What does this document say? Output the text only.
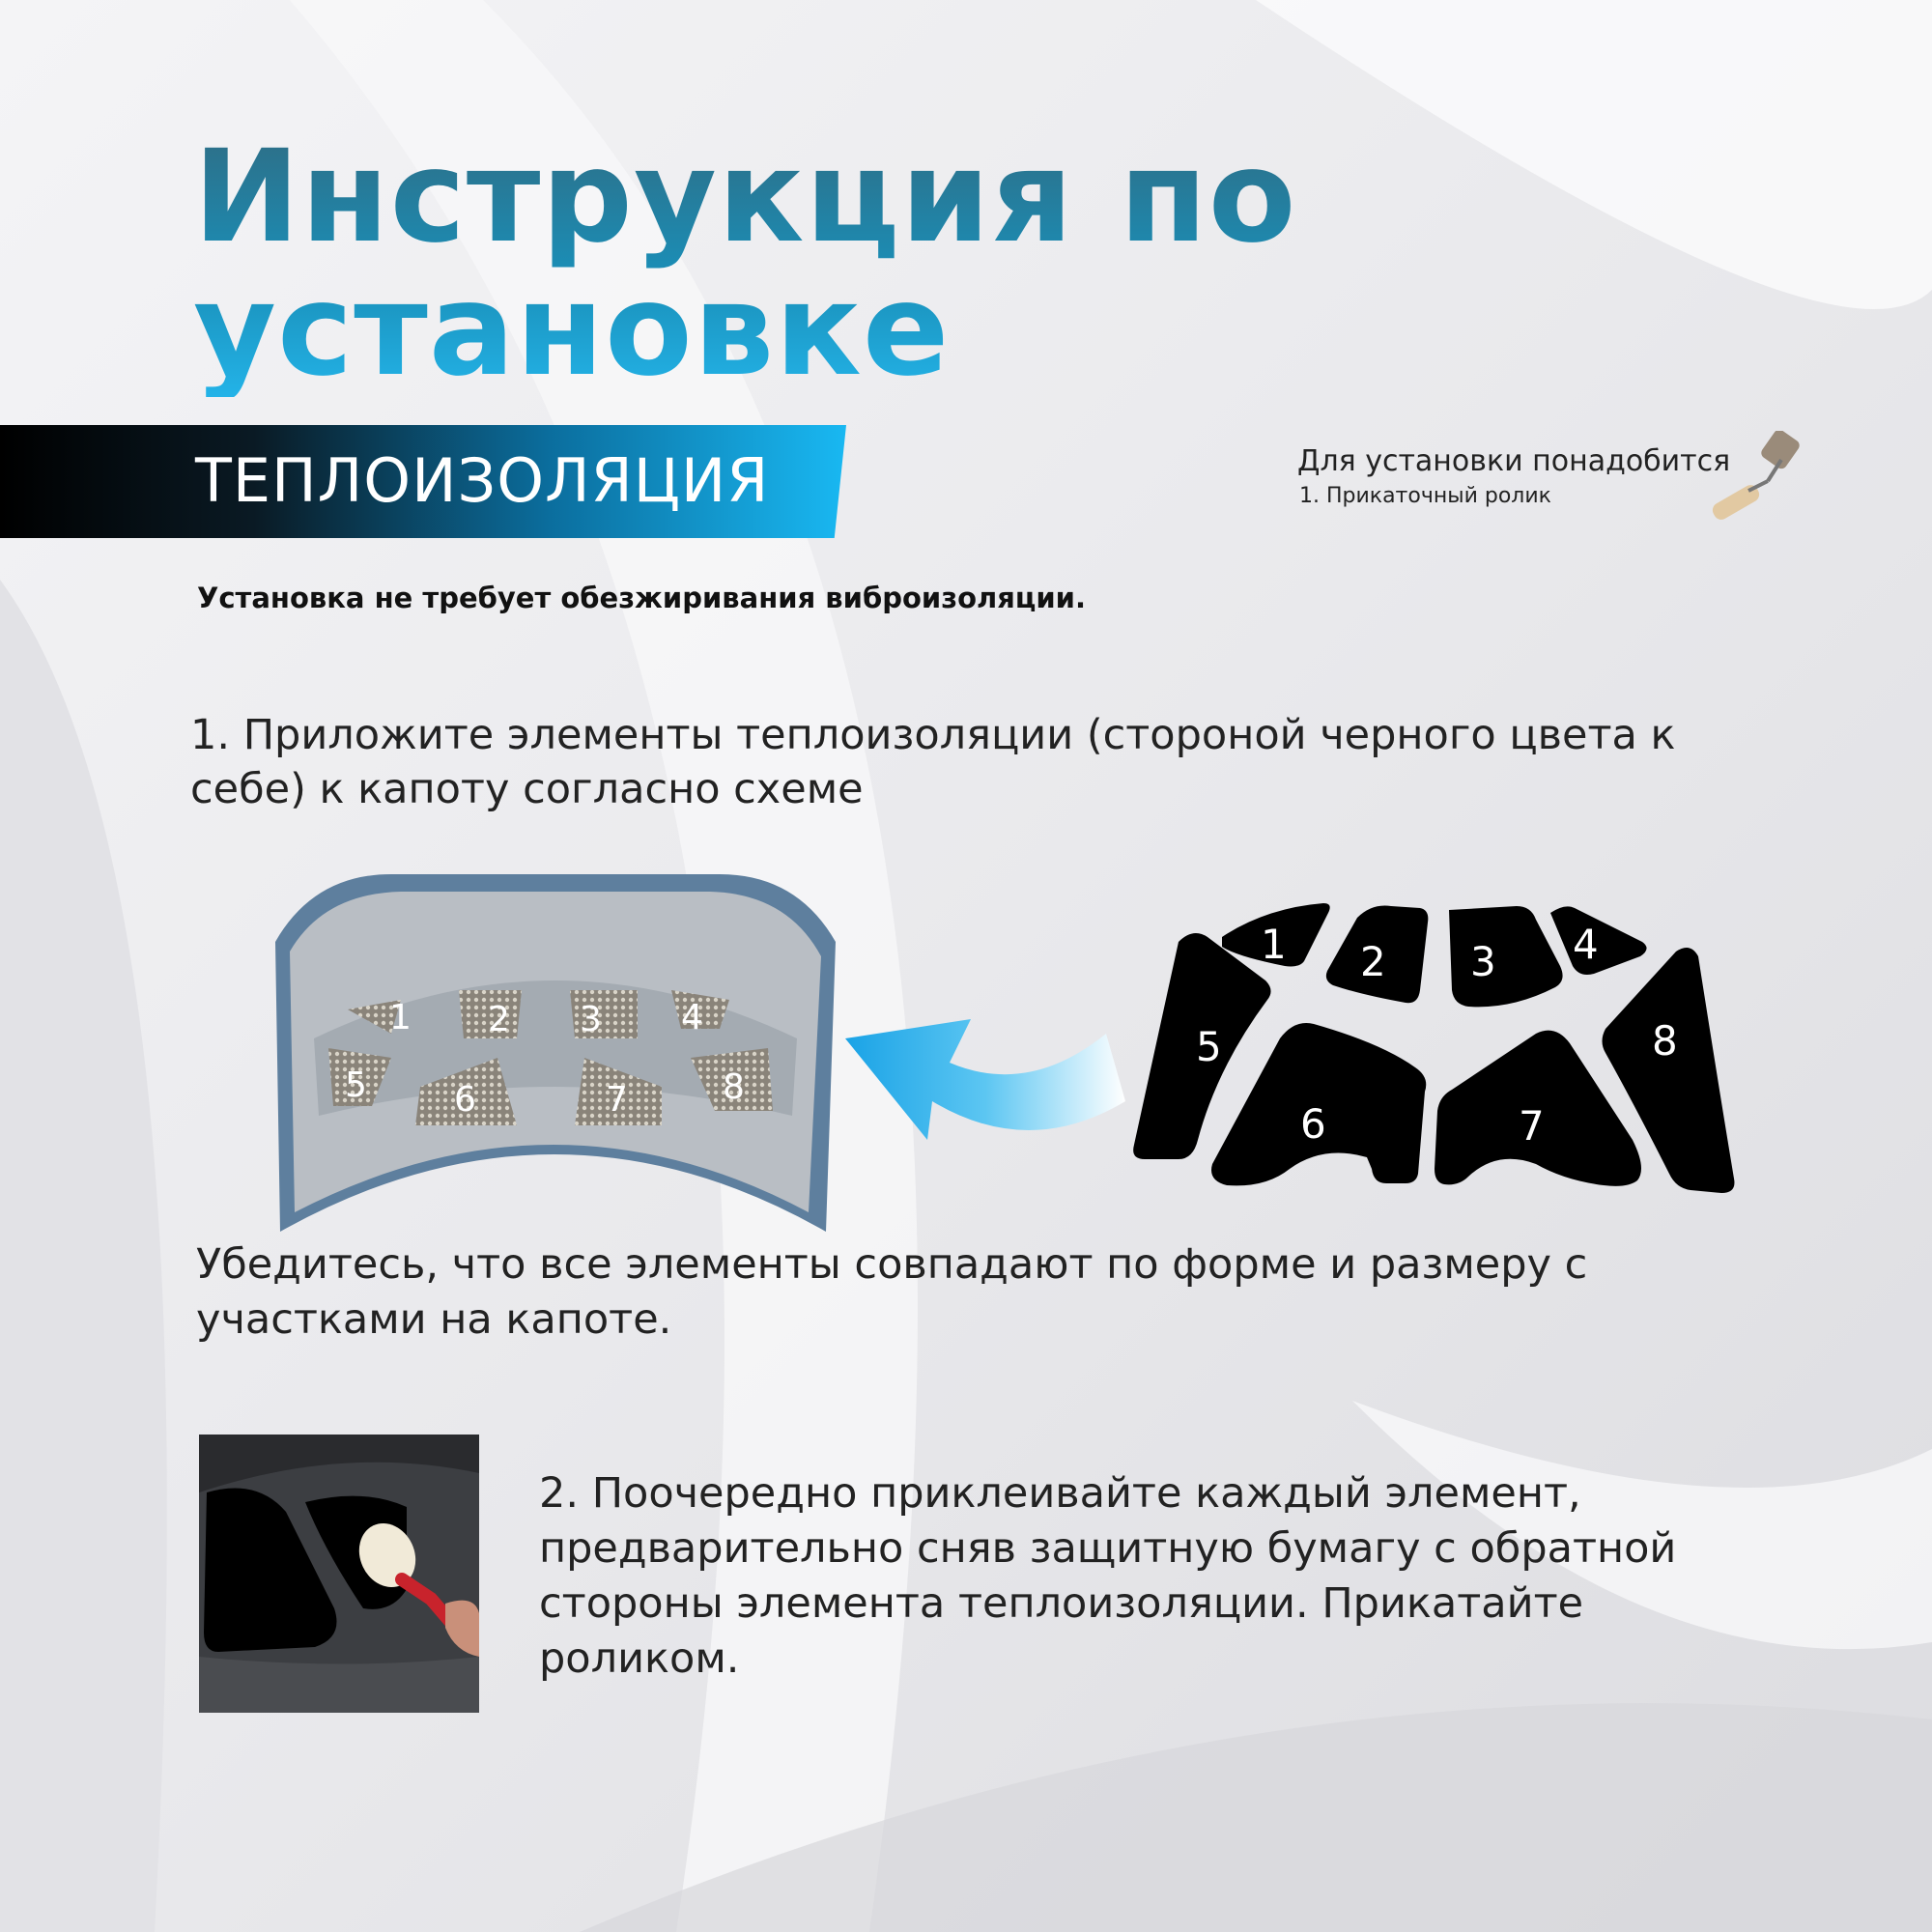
Инструкция по
установке
ТЕПЛОИЗОЛЯЦИЯ	Для установки понадобится
1. Прикаточный ролик
Установка не требует обезжиривания виброизоляции.
1. Приложите элементы теплоизоляции (стороной черного цвета к себе) к капоту согласно схеме
1 2 3 4
5	6	7	8
1 2 3 4
5
6	7
8
Убедитесь, что все элементы совпадают по форме и размеру с участками на капоте.
2. Поочередно приклеивайте каждый элемент, предварительно сняв защитную бумагу с обратной стороны элемента теплоизоляции. Прикатайте роликом.
